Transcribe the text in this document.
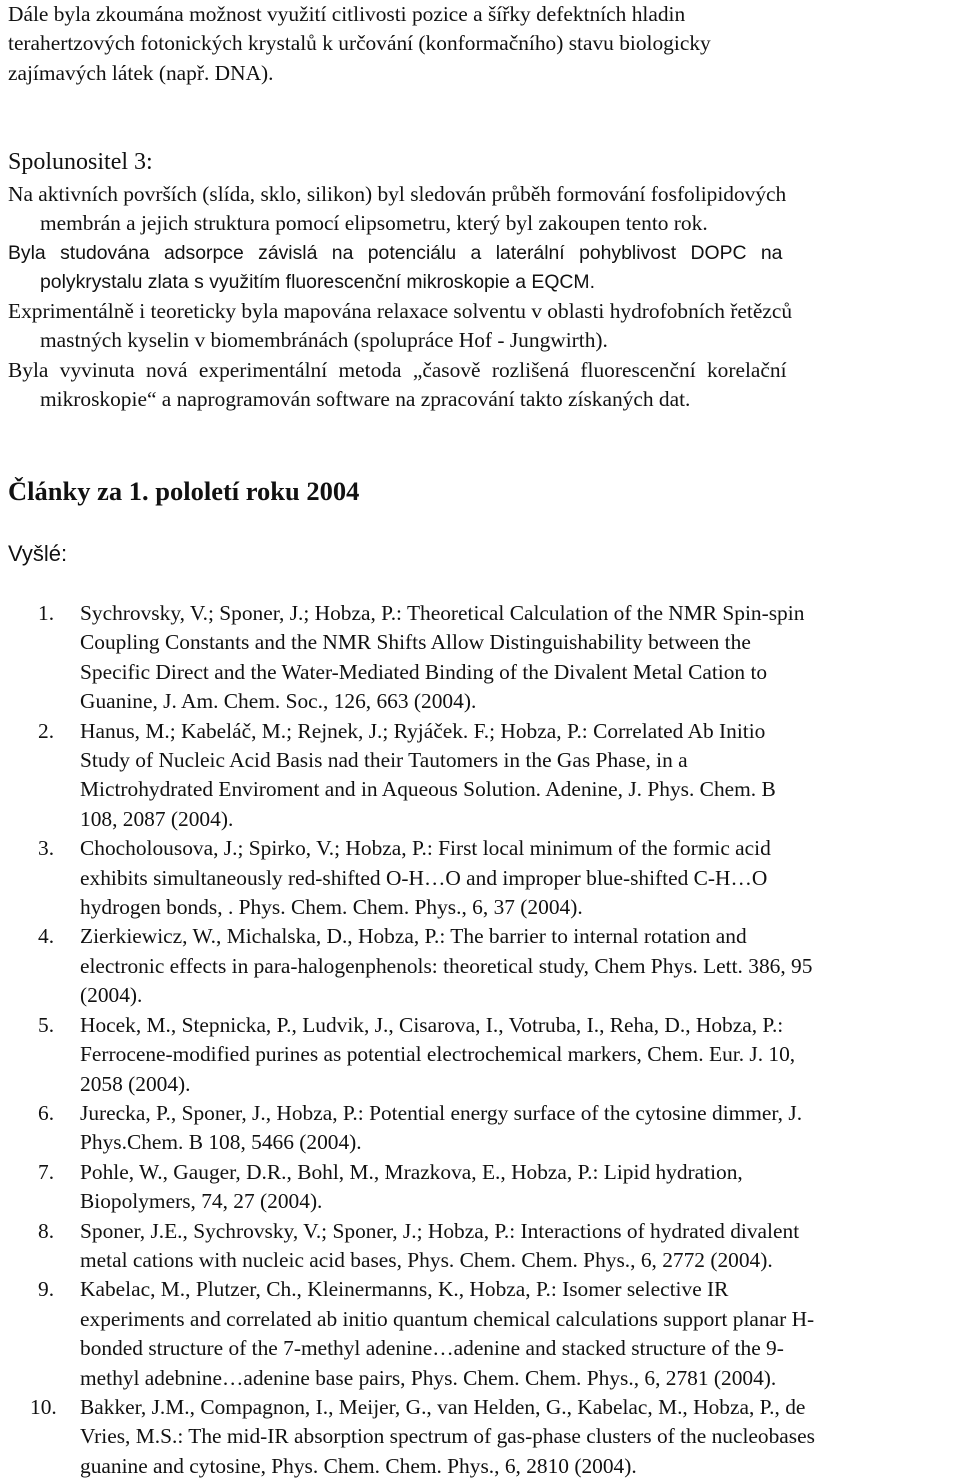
Dále byla zkoumána možnost využití citlivosti pozice a šířky defektních hladin
terahertzových fotonických krystalů k určování (konformačního) stavu biologicky
zajímavých látek (např. DNA).
Spolunositel 3:
Na aktivních površích (slída, sklo, silikon) byl sledován průběh formování fosfolipidových
membrán a jejich struktura pomocí elipsometru, který byl zakoupen tento rok.
Byla studována adsorpce závislá na potenciálu a laterální pohyblivost DOPC na
polykrystalu zlata s využitím fluorescenční mikroskopie a EQCM.
Exprimentálně i teoreticky byla mapována relaxace solventu v oblasti hydrofobních řetězců
mastných kyselin v biomembránách (spolupráce Hof - Jungwirth).
Byla vyvinuta nová experimentální metoda „časově rozlišená fluorescenční korelační
mikroskopie“ a naprogramován software na zpracování takto získaných dat.
Články za 1. pololetí roku 2004
Vyšlé:
1. Sychrovsky, V.; Sponer, J.; Hobza, P.: Theoretical Calculation of the NMR Spin-spin
Coupling Constants and the NMR Shifts Allow Distinguishability between the
Specific Direct and the Water-Mediated Binding of the Divalent Metal Cation to
Guanine, J. Am. Chem. Soc., 126, 663 (2004).
2. Hanus, M.; Kabeláč, M.; Rejnek, J.; Ryjáček. F.; Hobza, P.: Correlated Ab Initio
Study of Nucleic Acid Basis nad their Tautomers in the Gas Phase, in a
Mictrohydrated Enviroment and in Aqueous Solution. Adenine, J. Phys. Chem. B
108, 2087 (2004).
3. Chocholousova, J.; Spirko, V.; Hobza, P.: First local minimum of the formic acid
exhibits simultaneously red-shifted O-H…O and improper blue-shifted C-H…O
hydrogen bonds, . Phys. Chem. Chem. Phys., 6, 37 (2004).
4. Zierkiewicz, W., Michalska, D., Hobza, P.: The barrier to internal rotation and
electronic effects in para-halogenphenols: theoretical study, Chem Phys. Lett. 386, 95
(2004).
5. Hocek, M., Stepnicka, P., Ludvik, J., Cisarova, I., Votruba, I., Reha, D., Hobza, P.:
Ferrocene-modified purines as potential electrochemical markers, Chem. Eur. J. 10,
2058 (2004).
6. Jurecka, P., Sponer, J., Hobza, P.: Potential energy surface of the cytosine dimmer, J.
Phys.Chem. B 108, 5466 (2004).
7. Pohle, W., Gauger, D.R., Bohl, M., Mrazkova, E., Hobza, P.: Lipid hydration,
Biopolymers, 74, 27 (2004).
8. Sponer, J.E., Sychrovsky, V.; Sponer, J.; Hobza, P.: Interactions of hydrated divalent
metal cations with nucleic acid bases, Phys. Chem. Chem. Phys., 6, 2772 (2004).
9. Kabelac, M., Plutzer, Ch., Kleinermanns, K., Hobza, P.: Isomer selective IR
experiments and correlated ab initio quantum chemical calculations support planar H-
bonded structure of the 7-methyl adenine…adenine and stacked structure of the 9-
methyl adebnine…adenine base pairs, Phys. Chem. Chem. Phys., 6, 2781 (2004).
10. Bakker, J.M., Compagnon, I., Meijer, G., van Helden, G., Kabelac, M., Hobza, P., de
Vries, M.S.: The mid-IR absorption spectrum of gas-phase clusters of the nucleobases
guanine and cytosine, Phys. Chem. Chem. Phys., 6, 2810 (2004).
